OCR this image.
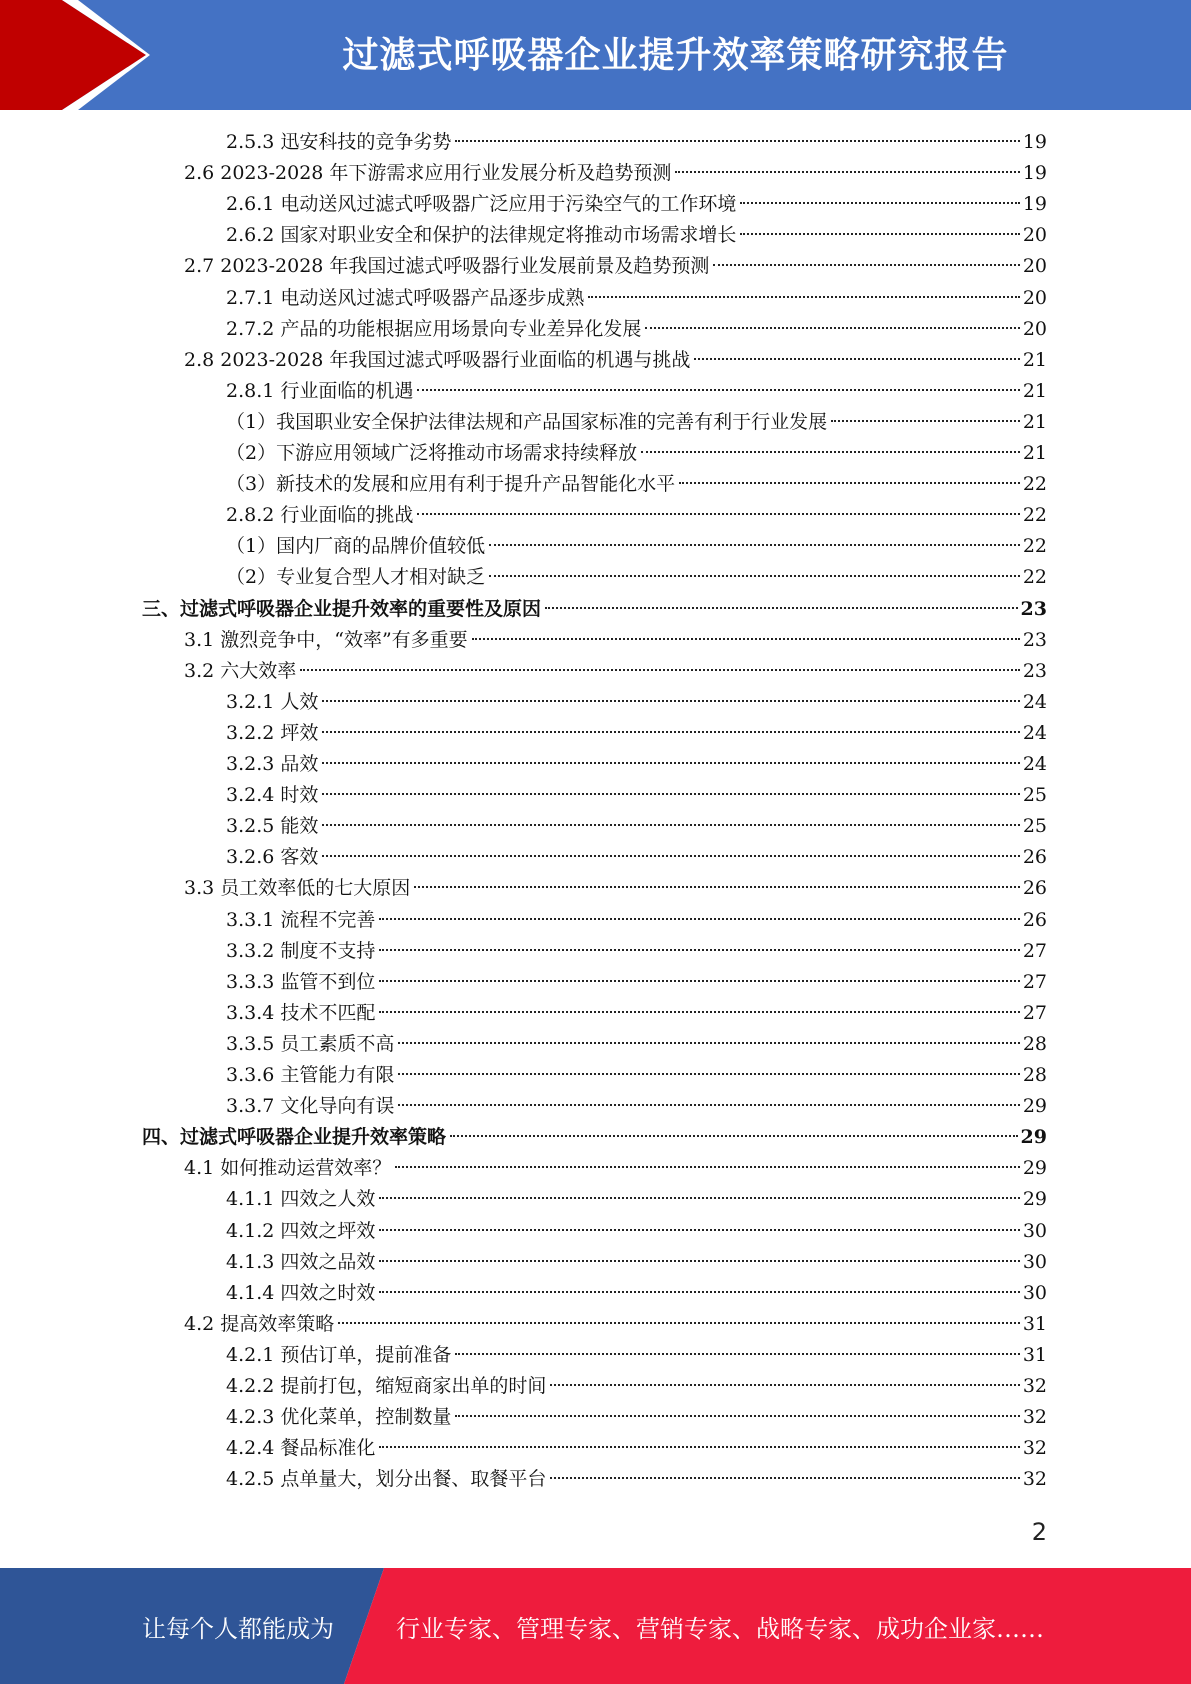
过滤式呼吸器企业提升效率策略研究报告
2.5.3 迅安科技的竞争劣势	19
2.6 2023-2028 年下游需求应用行业发展分析及趋势预测	19
2.6.1 电动送风过滤式呼吸器广泛应用于污染空气的工作环境	19
2.6.2 国家对职业安全和保护的法律规定将推动市场需求增长	20
2.7 2023-2028 年我国过滤式呼吸器行业发展前景及趋势预测	20
2.7.1 电动送风过滤式呼吸器产品逐步成熟	20
2.7.2 产品的功能根据应用场景向专业差异化发展	20
2.8 2023-2028 年我国过滤式呼吸器行业面临的机遇与挑战	21
2.8.1 行业面临的机遇	21
（1）我国职业安全保护法律法规和产品国家标准的完善有利于行业发展	21
（2）下游应用领域广泛将推动市场需求持续释放	21
（3）新技术的发展和应用有利于提升产品智能化水平	22
2.8.2 行业面临的挑战	22
（1）国内厂商的品牌价值较低	22
（2）专业复合型人才相对缺乏	22
三、过滤式呼吸器企业提升效率的重要性及原因	23
3.1 激烈竞争中，“效率”有多重要	23
3.2 六大效率	23
3.2.1 人效	24
3.2.2 坪效	24
3.2.3 品效	24
3.2.4 时效	25
3.2.5 能效	25
3.2.6 客效	26
3.3 员工效率低的七大原因	26
3.3.1 流程不完善	26
3.3.2 制度不支持	27
3.3.3 监管不到位	27
3.3.4 技术不匹配	27
3.3.5 员工素质不高	28
3.3.6 主管能力有限	28
3.3.7 文化导向有误	29
四、过滤式呼吸器企业提升效率策略	29
4.1 如何推动运营效率？	29
4.1.1 四效之人效	29
4.1.2 四效之坪效	30
4.1.3 四效之品效	30
4.1.4 四效之时效	30
4.2 提高效率策略	31
4.2.1 预估订单，提前准备	31
4.2.2 提前打包，缩短商家出单的时间	32
4.2.3 优化菜单，控制数量	32
4.2.4 餐品标准化	32
4.2.5 点单量大，划分出餐、取餐平台	32
2
让每个人都能成为	行业专家、管理专家、营销专家、战略专家、成功企业家……
